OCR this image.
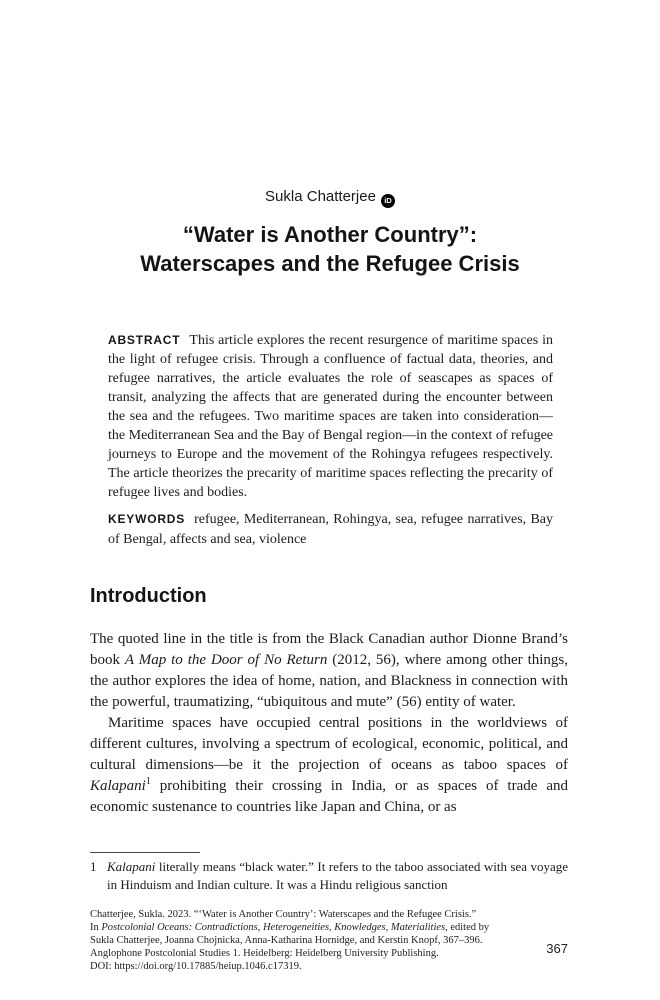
Sukla Chatterjee iD
“Water is Another Country”:
Waterscapes and the Refugee Crisis
ABSTRACT This article explores the recent resurgence of maritime spaces in the light of refugee crisis. Through a confluence of factual data, theories, and refugee narratives, the article evaluates the role of seascapes as spaces of transit, analyzing the affects that are generated during the encounter between the sea and the refugees. Two maritime spaces are taken into consideration—the Mediterranean Sea and the Bay of Bengal region—in the context of refugee journeys to Europe and the movement of the Rohingya refugees respectively. The article theorizes the precarity of maritime spaces reflecting the precarity of refugee lives and bodies.
KEYWORDS refugee, Mediterranean, Rohingya, sea, refugee narratives, Bay of Bengal, affects and sea, violence
Introduction

The quoted line in the title is from the Black Canadian author Dionne Brand’s book A Map to the Door of No Return (2012, 56), where among other things, the author explores the idea of home, nation, and Blackness in connection with the powerful, traumatizing, “ubiquitous and mute” (56) entity of water.

Maritime spaces have occupied central positions in the worldviews of different cultures, involving a spectrum of ecological, economic, political, and cultural dimensions—be it the projection of oceans as taboo spaces of Kalapani$^1$ prohibiting their crossing in India, or as spaces of trade and economic sustenance to countries like Japan and China, or as

1 Kalapani literally means “black water.” It refers to the taboo associated with sea voyage in Hinduism and Indian culture. It was a Hindu religious sanction

Chatterjee, Sukla. 2023. “‘Water is Another Country’: Waterscapes and the Refugee Crisis.”

In Postcolonial Oceans: Contradictions, Heterogeneities, Knowledges, Materialities, edited by

Sukla Chatterjee, Joanna Chojnicka, Anna-Katharina Hornidge, and Kerstin Knopf, 367–396.

Anglophone Postcolonial Studies 1. Heidelberg: Heidelberg University Publishing.

DOI: https://doi.org/10.17885/heiup.1046.c17319.

367
